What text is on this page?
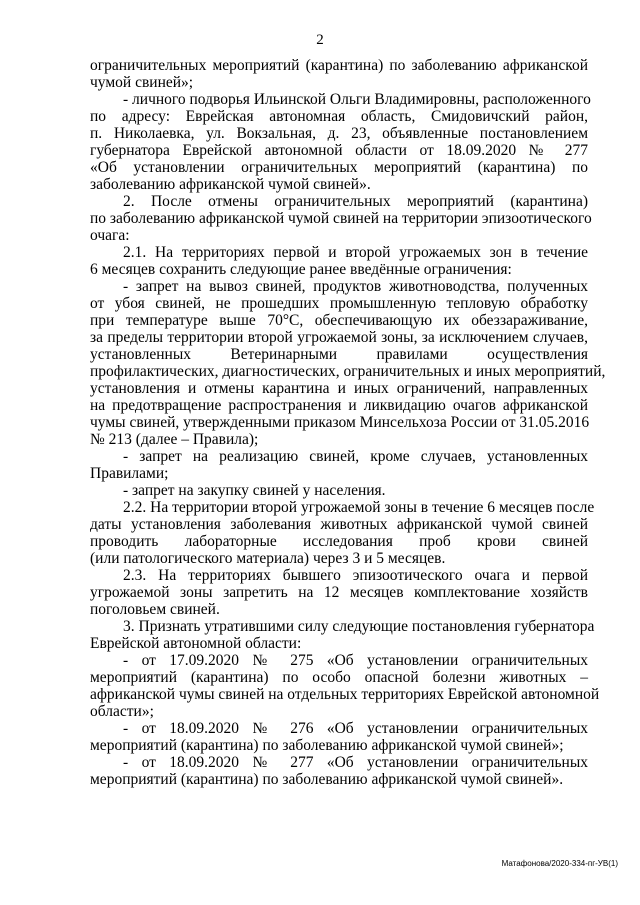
2
ограничительных мероприятий (карантина) по заболеванию африканской
чумой свиней»;
- личного подворья Ильинской Ольги Владимировны, расположенного
по адресу: Еврейская автономная область, Смидовичский район,
п. Николаевка, ул. Вокзальная, д. 23, объявленные постановлением
губернатора Еврейской автономной области от 18.09.2020 № 277
«Об установлении ограничительных мероприятий (карантина) по
заболеванию африканской чумой свиней».
2. После отмены ограничительных мероприятий (карантина)
по заболеванию африканской чумой свиней на территории эпизоотического
очага:
2.1. На территориях первой и второй угрожаемых зон в течение
6 месяцев сохранить следующие ранее введённые ограничения:
- запрет на вывоз свиней, продуктов животноводства, полученных
от убоя свиней, не прошедших промышленную тепловую обработку
при температуре выше 70°С, обеспечивающую их обеззараживание,
за пределы территории второй угрожаемой зоны, за исключением случаев,
установленных Ветеринарными правилами осуществления
профилактических, диагностических, ограничительных и иных мероприятий,
установления и отмены карантина и иных ограничений, направленных
на предотвращение распространения и ликвидацию очагов африканской
чумы свиней, утвержденными приказом Минсельхоза России от 31.05.2016
№ 213 (далее – Правила);
- запрет на реализацию свиней, кроме случаев, установленных
Правилами;
- запрет на закупку свиней у населения.
2.2. На территории второй угрожаемой зоны в течение 6 месяцев после
даты установления заболевания животных африканской чумой свиней
проводить лабораторные исследования проб крови свиней
(или патологического материала) через 3 и 5 месяцев.
2.3. На территориях бывшего эпизоотического очага и первой
угрожаемой зоны запретить на 12 месяцев комплектование хозяйств
поголовьем свиней.
3. Признать утратившими силу следующие постановления губернатора
Еврейской автономной области:
- от 17.09.2020 № 275 «Об установлении ограничительных
мероприятий (карантина) по особо опасной болезни животных –
африканской чумы свиней на отдельных территориях Еврейской автономной
области»;
- от 18.09.2020 № 276 «Об установлении ограничительных
мероприятий (карантина) по заболеванию африканской чумой свиней»;
- от 18.09.2020 № 277 «Об установлении ограничительных
мероприятий (карантина) по заболеванию африканской чумой свиней».
Матафонова/2020-334-пг-УВ(1)
